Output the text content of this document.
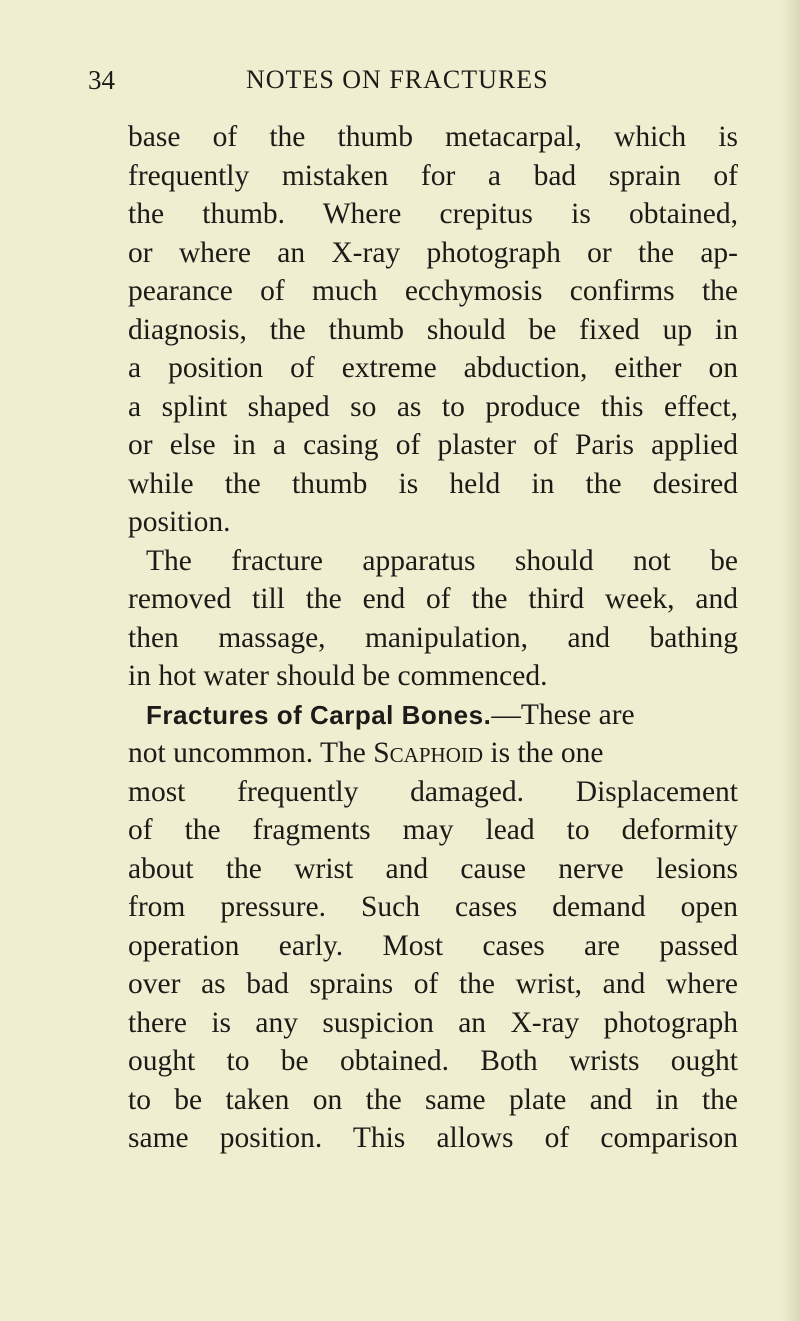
34	NOTES ON FRACTURES
base of the thumb metacarpal, which is
frequently mistaken for a bad sprain of
the thumb. Where crepitus is obtained,
or where an X-ray photograph or the ap-
pearance of much ecchymosis confirms the
diagnosis, the thumb should be fixed up in
a position of extreme abduction, either on
a splint shaped so as to produce this effect,
or else in a casing of plaster of Paris applied
while the thumb is held in the desired
position.
The fracture apparatus should not be
removed till the end of the third week, and
then massage, manipulation, and bathing
in hot water should be commenced.
Fractures of Carpal Bones.—These are
not uncommon. The Scaphoid is the one
most frequently damaged. Displacement
of the fragments may lead to deformity
about the wrist and cause nerve lesions
from pressure. Such cases demand open
operation early. Most cases are passed
over as bad sprains of the wrist, and where
there is any suspicion an X-ray photograph
ought to be obtained. Both wrists ought
to be taken on the same plate and in the
same position. This allows of comparison
